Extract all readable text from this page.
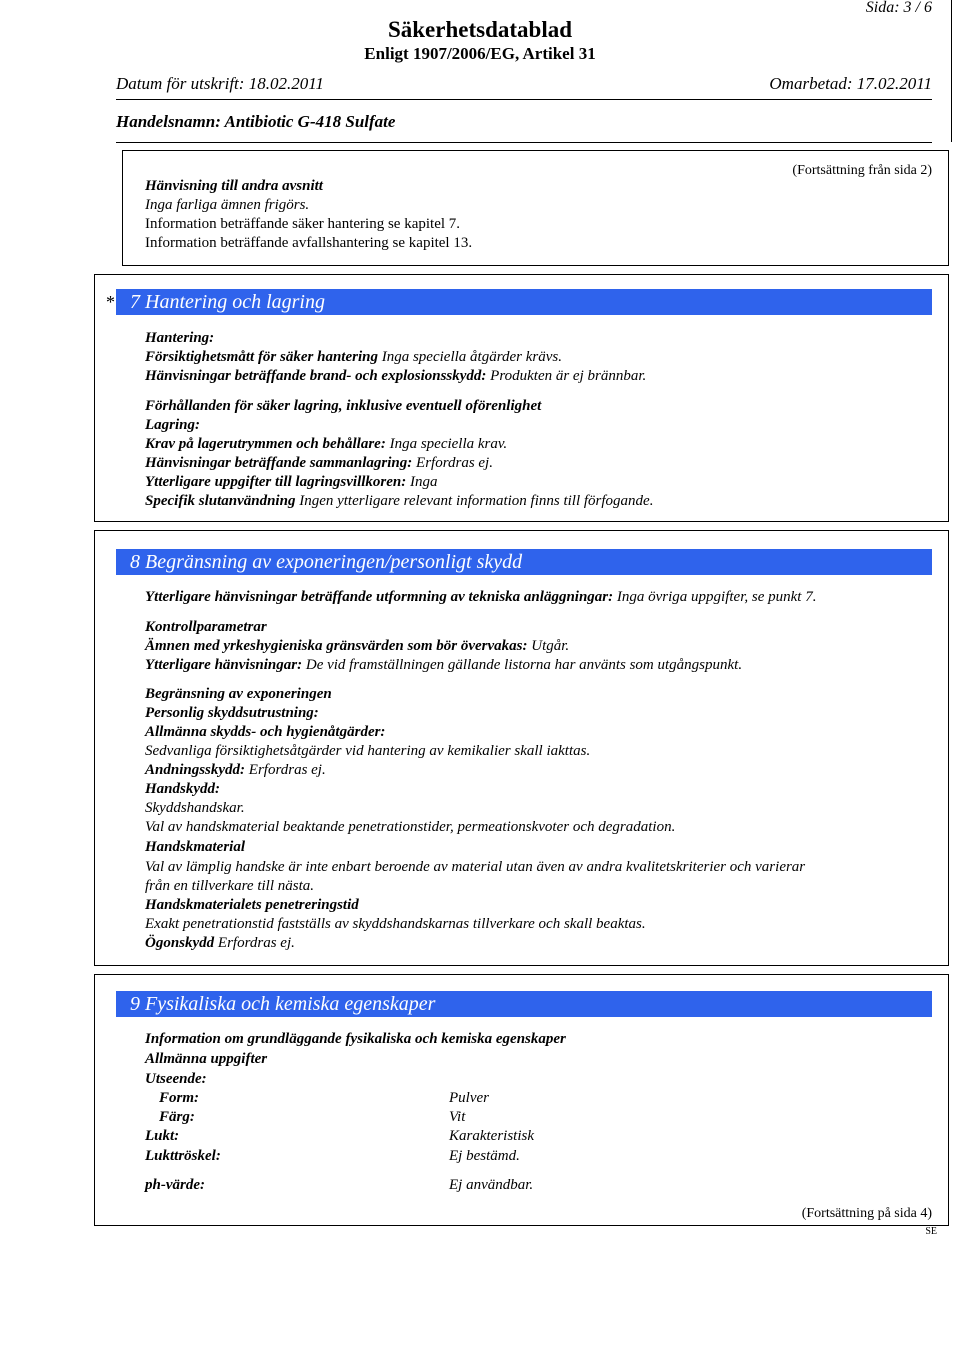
Sida: 3 / 6
Säkerhetsdatablad
Enligt 1907/2006/EG, Artikel 31
Datum för utskrift: 18.02.2011	Omarbetad: 17.02.2011
Handelsnamn: Antibiotic G-418 Sulfate
(Fortsättning från sida 2)
Hänvisning till andra avsnitt
Inga farliga ämnen frigörs.
Information beträffande säker hantering se kapitel 7.
Information beträffande avfallshantering se kapitel 13.
* 7 Hantering och lagring
Hantering:
Försiktighetsmått för säker hantering Inga speciella åtgärder krävs.
Hänvisningar beträffande brand- och explosionsskydd: Produkten är ej brännbar.
Förhållanden för säker lagring, inklusive eventuell oförenlighet
Lagring:
Krav på lagerutrymmen och behållare: Inga speciella krav.
Hänvisningar beträffande sammanlagring: Erfordras ej.
Ytterligare uppgifter till lagringsvillkoren: Inga
Specifik slutanvändning Ingen ytterligare relevant information finns till förfogande.
8 Begränsning av exponeringen/personligt skydd
Ytterligare hänvisningar beträffande utformning av tekniska anläggningar: Inga övriga uppgifter, se punkt 7.
Kontrollparametrar
Ämnen med yrkeshygieniska gränsvärden som bör övervakas: Utgår.
Ytterligare hänvisningar: De vid framställningen gällande listorna har använts som utgångspunkt.
Begränsning av exponeringen
Personlig skyddsutrustning:
Allmänna skydds- och hygienåtgärder:
Sedvanliga försiktighetsåtgärder vid hantering av kemikalier skall iakttas.
Andningsskydd: Erfordras ej.
Handskydd:
Skyddshandskar.
Val av handskmaterial beaktande penetrationstider, permeationskvoter och degradation.
Handskmaterial
Val av lämplig handske är inte enbart beroende av material utan även av andra kvalitetskriterier och varierar
från en tillverkare till nästa.
Handskmaterialets penetreringstid
Exakt penetrationstid fastställs av skyddshandskarnas tillverkare och skall beaktas.
Ögonskydd Erfordras ej.
9 Fysikaliska och kemiska egenskaper
Information om grundläggande fysikaliska och kemiska egenskaper
Allmänna uppgifter
Utseende:
Form:	Pulver
Färg:	Vit
Lukt:	Karakteristisk
Lukttröskel:	Ej bestämd.
ph-värde:	Ej användbar.
(Fortsättning på sida 4)
SE
